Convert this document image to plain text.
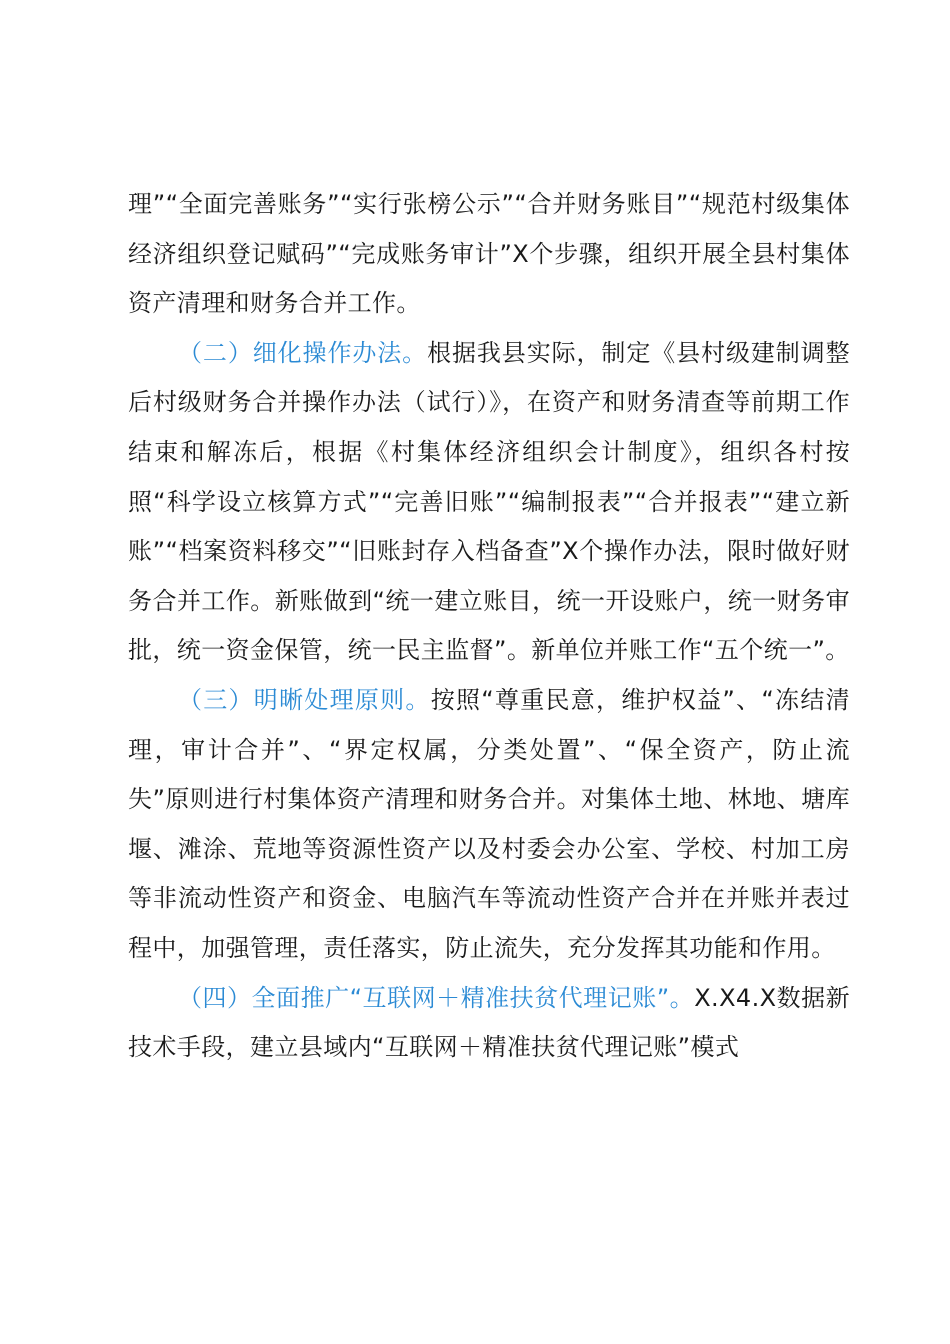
理”“全面完善账务”“实行张榜公示”“合并财务账目”“规范村级集体经济组织登记赋码”“完成账务审计”X个步骤，组织开展全县村集体资产清理和财务合并工作。

（二）细化操作办法。根据我县实际，制定《县村级建制调整后村级财务合并操作办法（试行）》，在资产和财务清查等前期工作结束和解冻后，根据《村集体经济组织会计制度》，组织各村按照“科学设立核算方式”“完善旧账”“编制报表”“合并报表”“建立新账”“档案资料移交”“旧账封存入档备查”X个操作办法，限时做好财务合并工作。新账做到“统一建立账目，统一开设账户，统一财务审批，统一资金保管，统一民主监督”。新单位并账工作“五个统一”。

（三）明晰处理原则。按照“尊重民意，维护权益”、“冻结清理，审计合并”、“界定权属，分类处置”、“保全资产，防止流失”原则进行村集体资产清理和财务合并。对集体土地、林地、塘库堰、滩涂、荒地等资源性资产以及村委会办公室、学校、村加工房等非流动性资产和资金、电脑汽车等流动性资产合并在并账并表过程中，加强管理，责任落实，防止流失，充分发挥其功能和作用。

（四）全面推广“互联网＋精准扶贫代理记账”。X.X4.X数据新技术手段，建立县域内“互联网＋精准扶贫代理记账”模式
